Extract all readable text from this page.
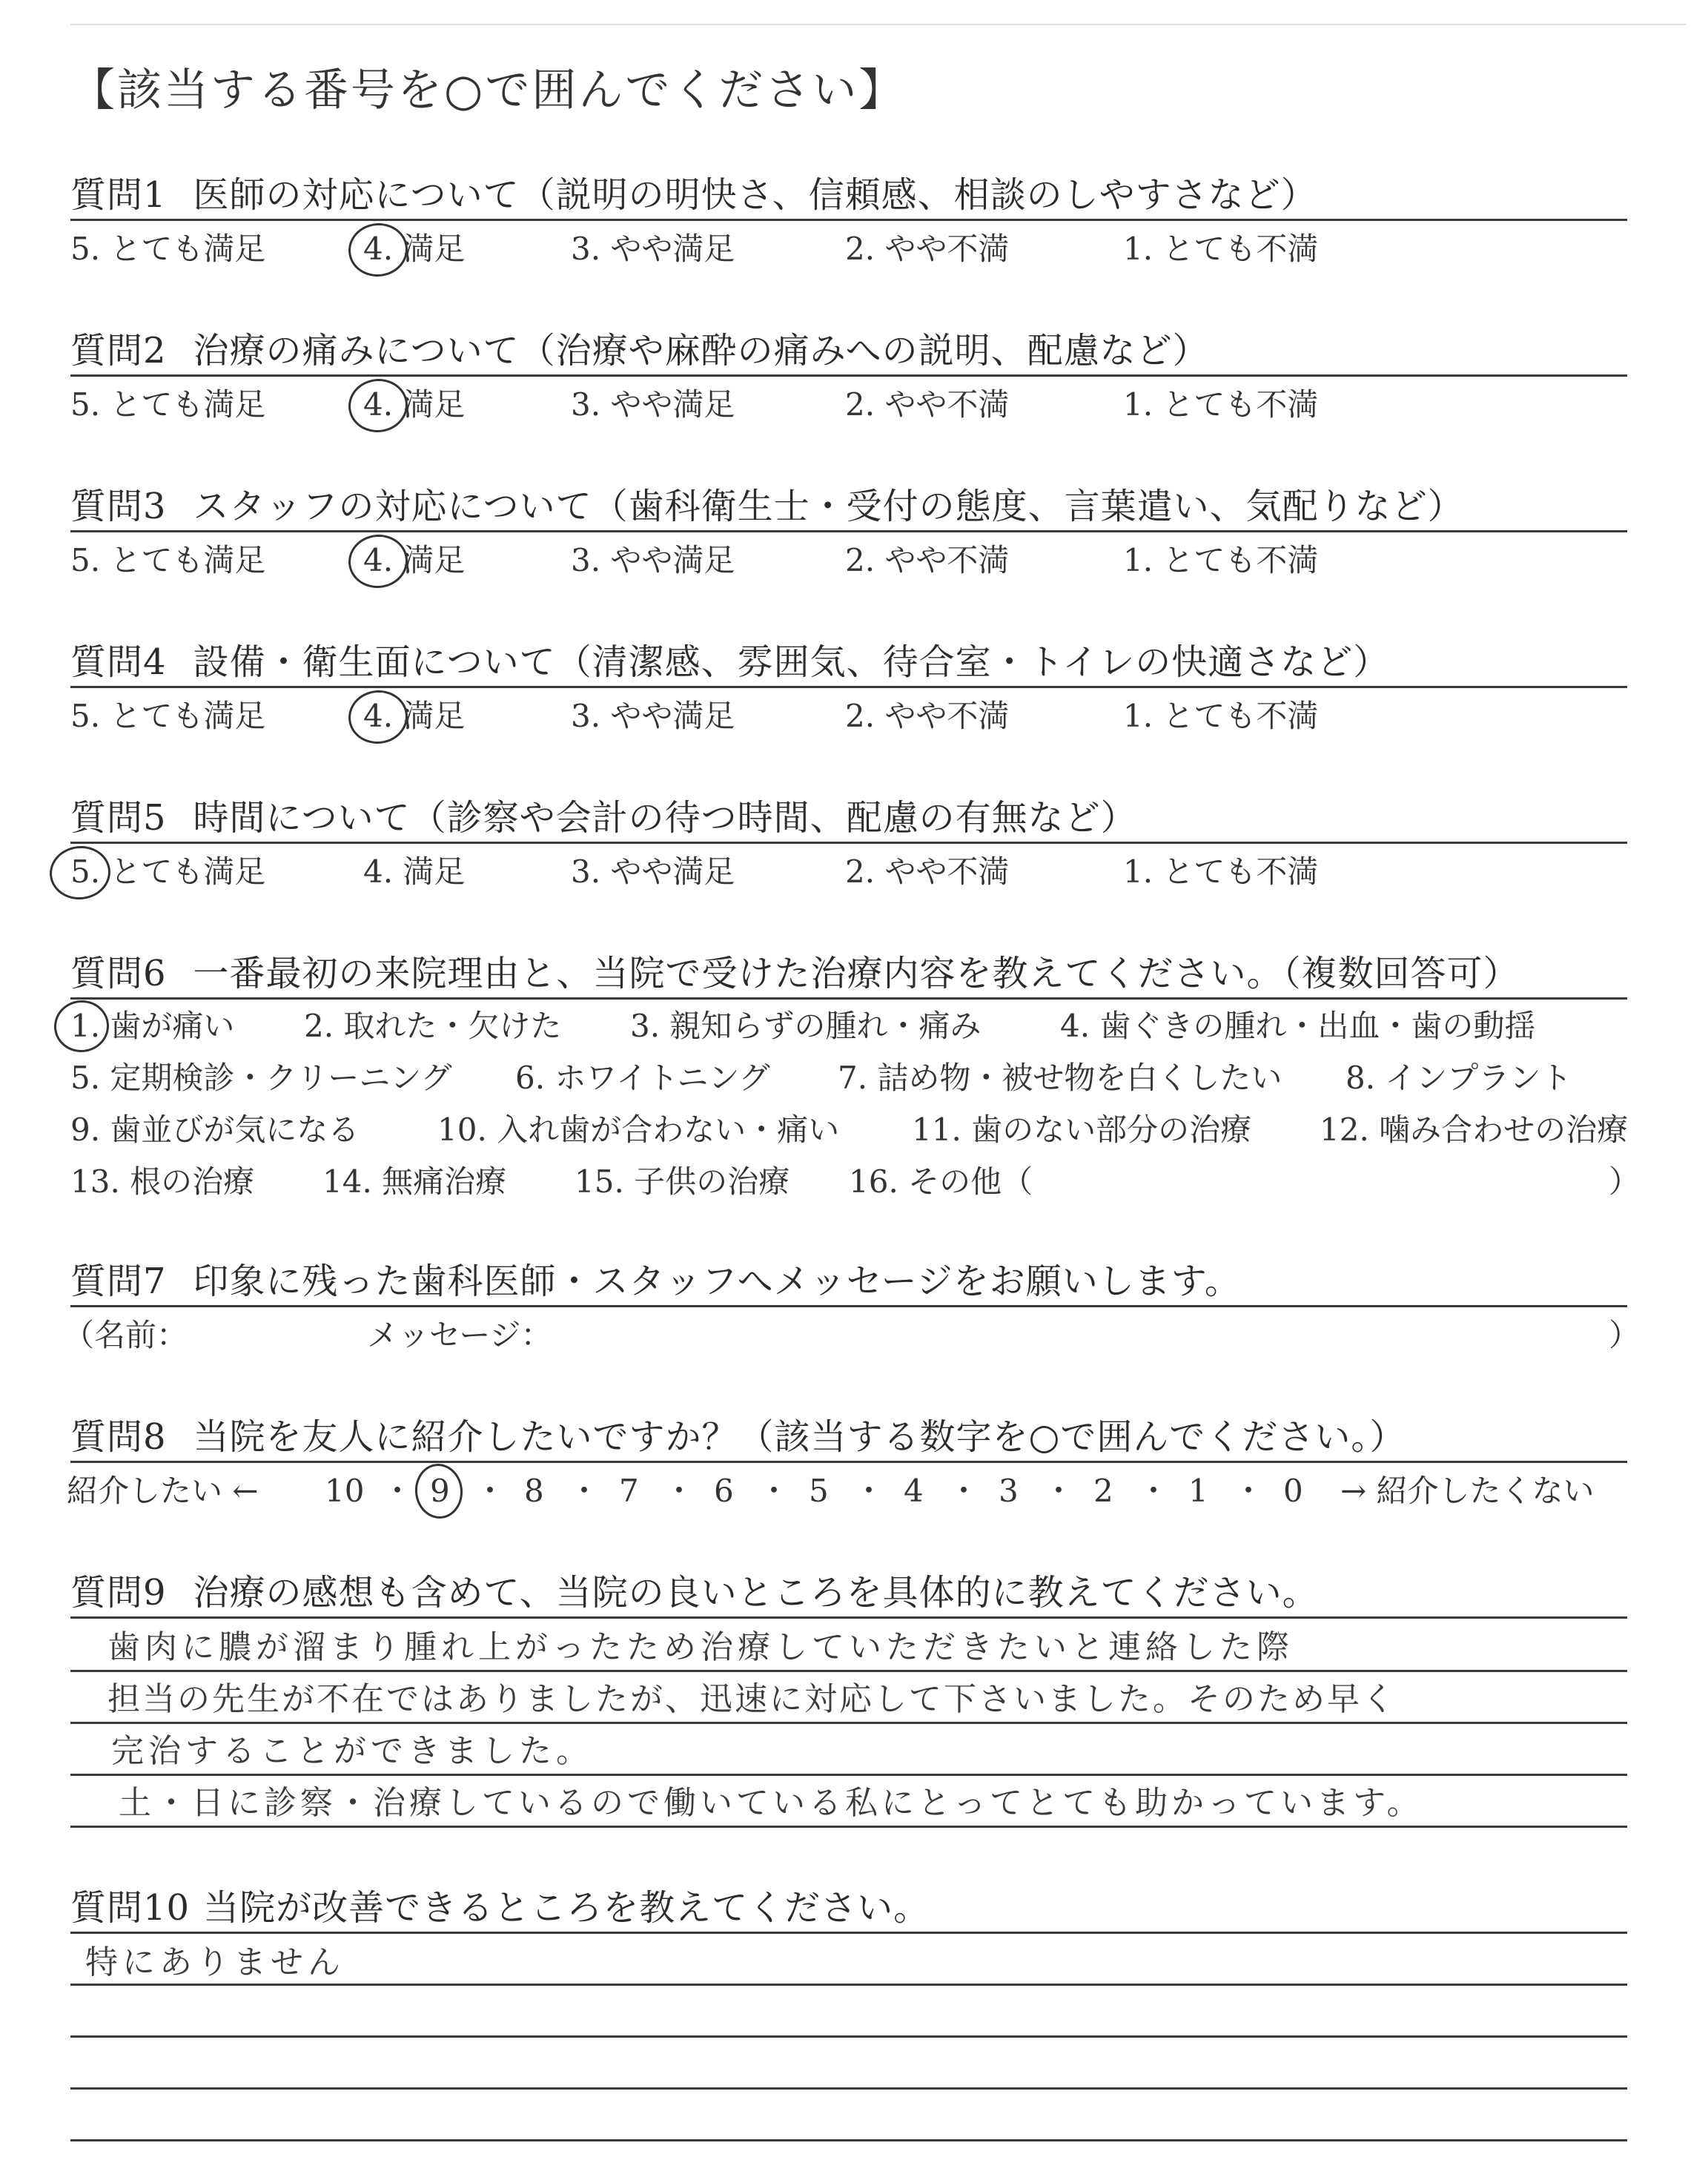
【該当する番号を○で囲んでください】
質問1 医師の対応について（説明の明快さ、信頼感、相談のしやすさなど）
5. とても満足	4. 満足	3. やや満足	2. やや不満	1. とても不満
質問2 治療の痛みについて（治療や麻酔の痛みへの説明、配慮など）
5. とても満足	4. 満足	3. やや満足	2. やや不満	1. とても不満
質問3 スタッフの対応について（歯科衛生士・受付の態度、言葉遣い、気配りなど）
5. とても満足	4. 満足	3. やや満足	2. やや不満	1. とても不満
質問4 設備・衛生面について（清潔感、雰囲気、待合室・トイレの快適さなど）
5. とても満足	4. 満足	3. やや満足	2. やや不満	1. とても不満
質問5 時間について（診察や会計の待つ時間、配慮の有無など）
5. とても満足	4. 満足	3. やや満足	2. やや不満	1. とても不満
質問6 一番最初の来院理由と、当院で受けた治療内容を教えてください。（複数回答可）
1. 歯が痛い 2. 取れた・欠けた 3. 親知らずの腫れ・痛み	4. 歯ぐきの腫れ・出血・歯の動揺
5. 定期検診・クリーニング 6. ホワイトニング 7. 詰め物・被せ物を白くしたい 8. インプラント
9. 歯並びが気になる	10. 入れ歯が合わない・痛い 11. 歯のない部分の治療 12. 噛み合わせの治療
13. 根の治療 14. 無痛治療 15. 子供の治療 16. その他（	）
質問7 印象に残った歯科医師・スタッフへメッセージをお願いします。
（名前：	メッセージ：	）
質問8 当院を友人に紹介したいですか？（該当する数字を○で囲んでください。）
紹介したい ← 10 ・ 9 ・ 8 ・ 7 ・ 6 ・ 5 ・ 4 ・ 3 ・ 2 ・ 1 ・ 0 → 紹介したくない
質問9 治療の感想も含めて、当院の良いところを具体的に教えてください。
歯肉に膿が溜まり腫れ上がったため治療していただきたいと連絡した際
担当の先生が不在ではありましたが、迅速に対応して下さいました。そのため早く
完治することができました。
土・日に診察・治療しているので働いている私にとってとても助かっています。
質問10 当院が改善できるところを教えてください。
特にありません
